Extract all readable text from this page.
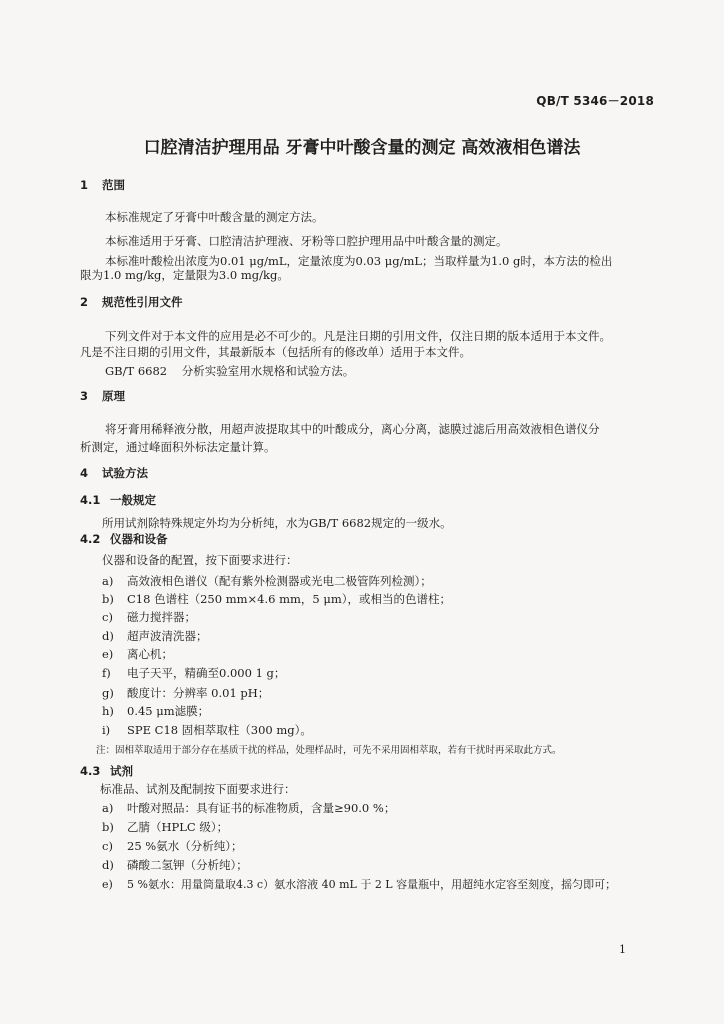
QB/T 5346－2018
口腔清洁护理用品 牙膏中叶酸含量的测定 高效液相色谱法
1 范围
本标准规定了牙膏中叶酸含量的测定方法。
本标准适用于牙膏、口腔清洁护理液、牙粉等口腔护理用品中叶酸含量的测定。
本标准叶酸检出浓度为0.01 μg/mL，定量浓度为0.03 μg/mL；当取样量为1.0 g时，本方法的检出
限为1.0 mg/kg，定量限为3.0 mg/kg。
2 规范性引用文件
下列文件对于本文件的应用是必不可少的。凡是注日期的引用文件，仅注日期的版本适用于本文件。
凡是不注日期的引用文件，其最新版本（包括所有的修改单）适用于本文件。
GB/T 6682 分析实验室用水规格和试验方法。
3 原理
将牙膏用稀释液分散，用超声波提取其中的叶酸成分，离心分离，滤膜过滤后用高效液相色谱仪分
析测定，通过峰面积外标法定量计算。
4 试验方法
4.1 一般规定
所用试剂除特殊规定外均为分析纯，水为GB/T 6682规定的一级水。
4.2 仪器和设备
仪器和设备的配置，按下面要求进行：
a) 高效液相色谱仪（配有紫外检测器或光电二极管阵列检测）；
b) C18 色谱柱（250 mm×4.6 mm，5 μm），或相当的色谱柱；
c) 磁力搅拌器；
d) 超声波清洗器；
e) 离心机；
f) 电子天平，精确至0.000 1 g；
g) 酸度计：分辨率 0.01 pH；
h) 0.45 μm滤膜；
i) SPE C18 固相萃取柱（300 mg）。
注：固相萃取适用于部分存在基质干扰的样品，处理样品时，可先不采用固相萃取，若有干扰时再采取此方式。
4.3 试剂
标准品、试剂及配制按下面要求进行：
a) 叶酸对照品：具有证书的标准物质，含量≥90.0 %；
b) 乙腈（HPLC 级）；
c) 25 %氨水（分析纯）；
d) 磷酸二氢钾（分析纯）；
e) 5 %氨水：用量筒量取4.3 c）氨水溶液 40 mL 于 2 L 容量瓶中，用超纯水定容至刻度，摇匀即可；
1
